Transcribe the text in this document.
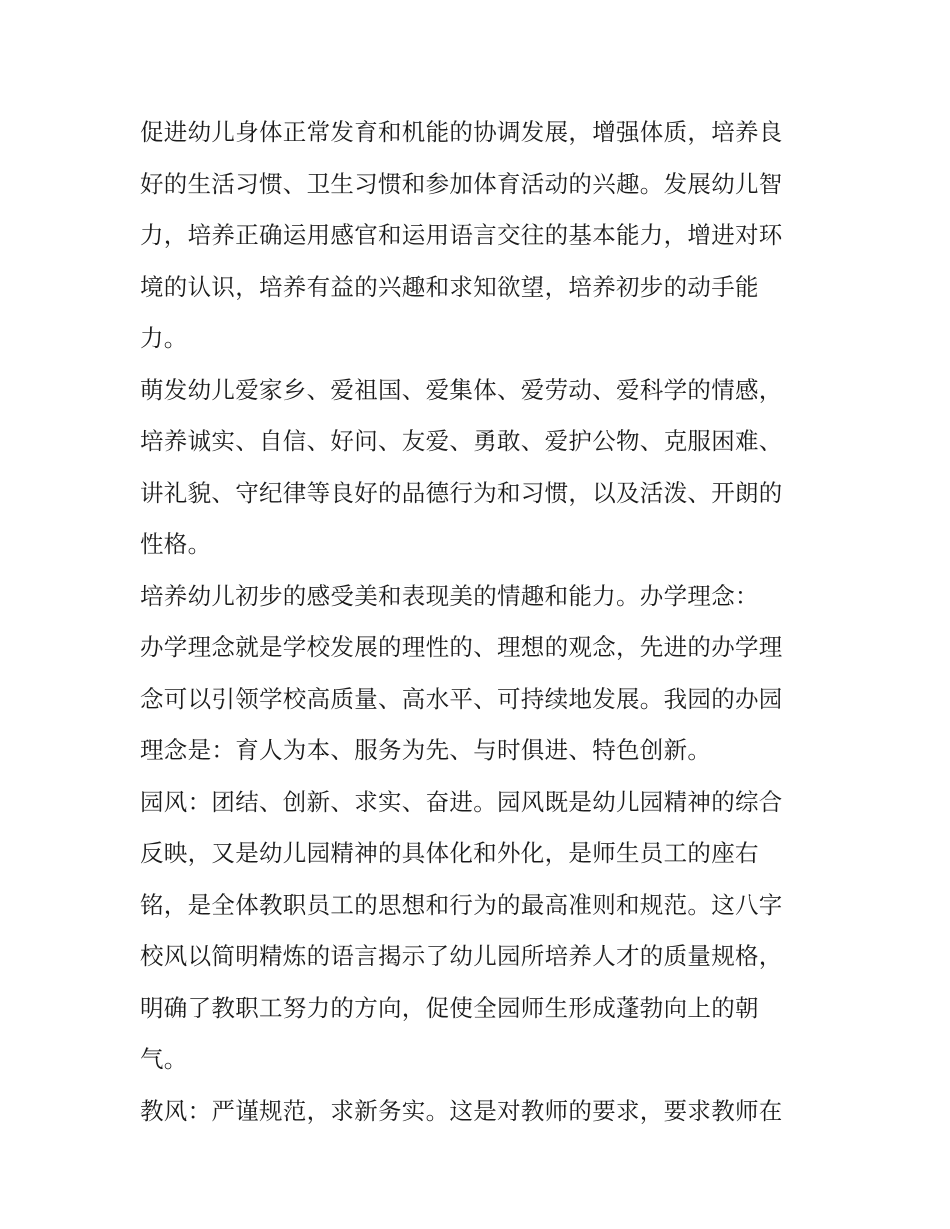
促进幼儿身体正常发育和机能的协调发展，增强体质，培养良
好的生活习惯、卫生习惯和参加体育活动的兴趣。发展幼儿智
力，培养正确运用感官和运用语言交往的基本能力，增进对环
境的认识，培养有益的兴趣和求知欲望，培养初步的动手能
力。
萌发幼儿爱家乡、爱祖国、爱集体、爱劳动、爱科学的情感，
培养诚实、自信、好问、友爱、勇敢、爱护公物、克服困难、
讲礼貌、守纪律等良好的品德行为和习惯，以及活泼、开朗的
性格。
培养幼儿初步的感受美和表现美的情趣和能力。办学理念：
办学理念就是学校发展的理性的、理想的观念，先进的办学理
念可以引领学校高质量、高水平、可持续地发展。我园的办园
理念是：育人为本、服务为先、与时俱进、特色创新。
园风：团结、创新、求实、奋进。园风既是幼儿园精神的综合
反映，又是幼儿园精神的具体化和外化，是师生员工的座右
铭，是全体教职员工的思想和行为的最高准则和规范。这八字
校风以简明精炼的语言揭示了幼儿园所培养人才的质量规格，
明确了教职工努力的方向，促使全园师生形成蓬勃向上的朝
气。
教风：严谨规范，求新务实。这是对教师的要求，要求教师在
